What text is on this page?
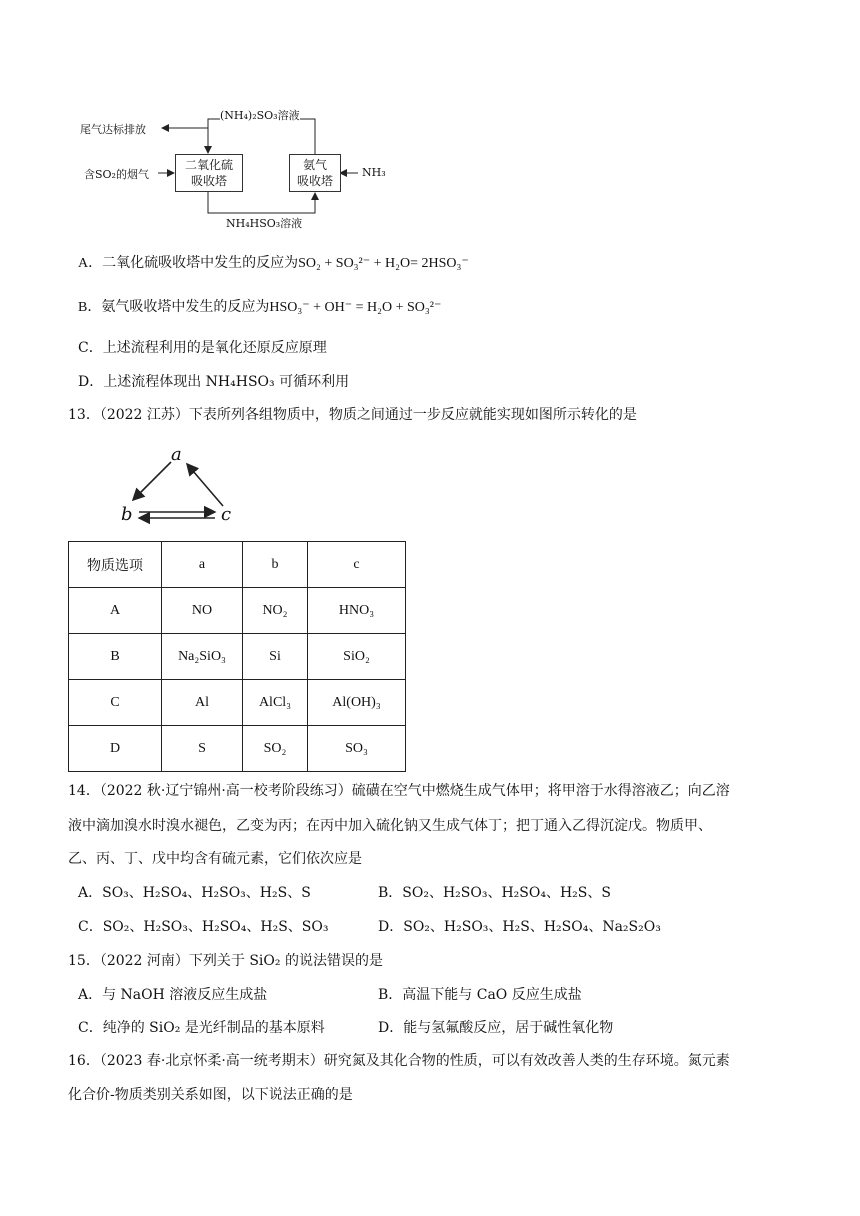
尾气达标排放
含SO₂的烟气
二氧化硫
吸收塔
氨气
吸收塔
(NH₄)₂SO₃溶液
NH₄HSO₃溶液
NH₃
A．二氧化硫吸收塔中发生的反应为SO₂ + SO₃²⁻ + H₂O= 2HSO₃⁻
B．氨气吸收塔中发生的反应为HSO₃⁻ + OH⁻ = H₂O + SO₃²⁻
C．上述流程利用的是氧化还原反应原理
D．上述流程体现出 NH₄HSO₃ 可循环利用
13．（2022 江苏）下表所列各组物质中，物质之间通过一步反应就能实现如图所示转化的是
a
b	c
物质选项	a	b	c
A	NO	NO₂	HNO₃
B	Na₂SiO₃	Si	SiO₂
C	Al	AlCl₃	Al(OH)₃
D	S	SO₂	SO₃
14．（2022 秋·辽宁锦州·高一校考阶段练习）硫磺在空气中燃烧生成气体甲；将甲溶于水得溶液乙；向乙溶
液中滴加溴水时溴水褪色，乙变为丙；在丙中加入硫化钠又生成气体丁；把丁通入乙得沉淀戊。物质甲、
乙、丙、丁、戊中均含有硫元素，它们依次应是
A．SO₃、H₂SO₄、H₂SO₃、H₂S、S	B．SO₂、H₂SO₃、H₂SO₄、H₂S、S
C．SO₂、H₂SO₃、H₂SO₄、H₂S、SO₃	D．SO₂、H₂SO₃、H₂S、H₂SO₄、Na₂S₂O₃
15．（2022 河南）下列关于 SiO₂ 的说法错误的是
A．与 NaOH 溶液反应生成盐	B．高温下能与 CaO 反应生成盐
C．纯净的 SiO₂ 是光纤制品的基本原料	D．能与氢氟酸反应，居于碱性氧化物
16．（2023 春·北京怀柔·高一统考期末）研究氮及其化合物的性质，可以有效改善人类的生存环境。氮元素
化合价-物质类别关系如图，以下说法正确的是
